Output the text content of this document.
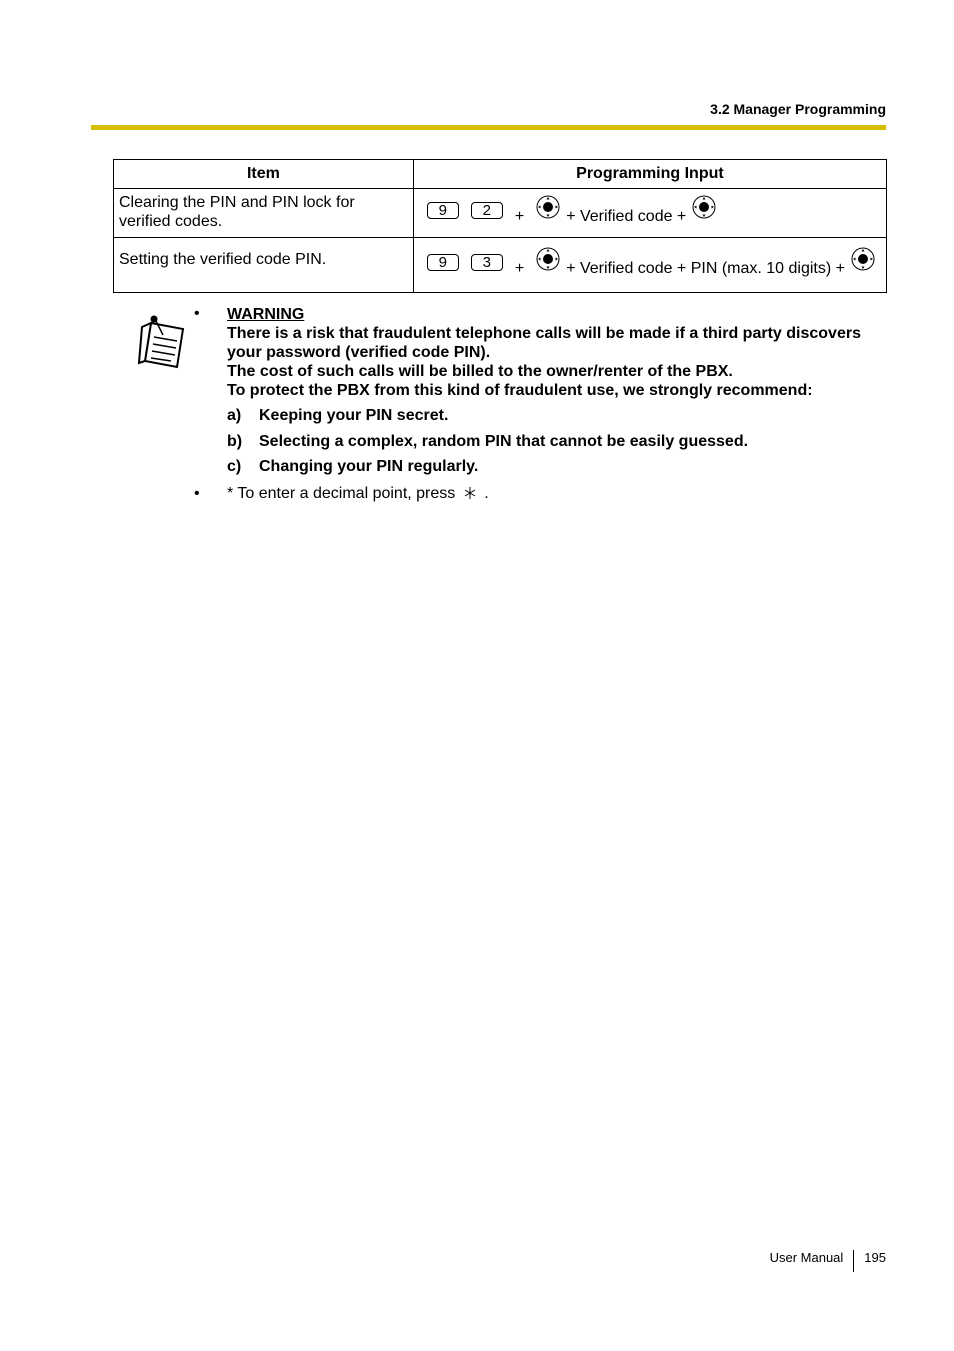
3.2 Manager Programming
Item	Programming Input
Clearing the PIN and PIN lock for verified codes.	9 2 + + Verified code +

Setting the verified code PIN.	9 3 + + Verified code + PIN (max. 10 digits) +
• WARNING

There is a risk that fraudulent telephone calls will be made if a third party discovers your password (verified code PIN).

The cost of such calls will be billed to the owner/renter of the PBX.

To protect the PBX from this kind of fraudulent use, we strongly recommend:

a) Keeping your PIN secret.
b) Selecting a complex, random PIN that cannot be easily guessed.
c) Changing your PIN regularly.
• * To enter a decimal point, press .
User Manual 195
